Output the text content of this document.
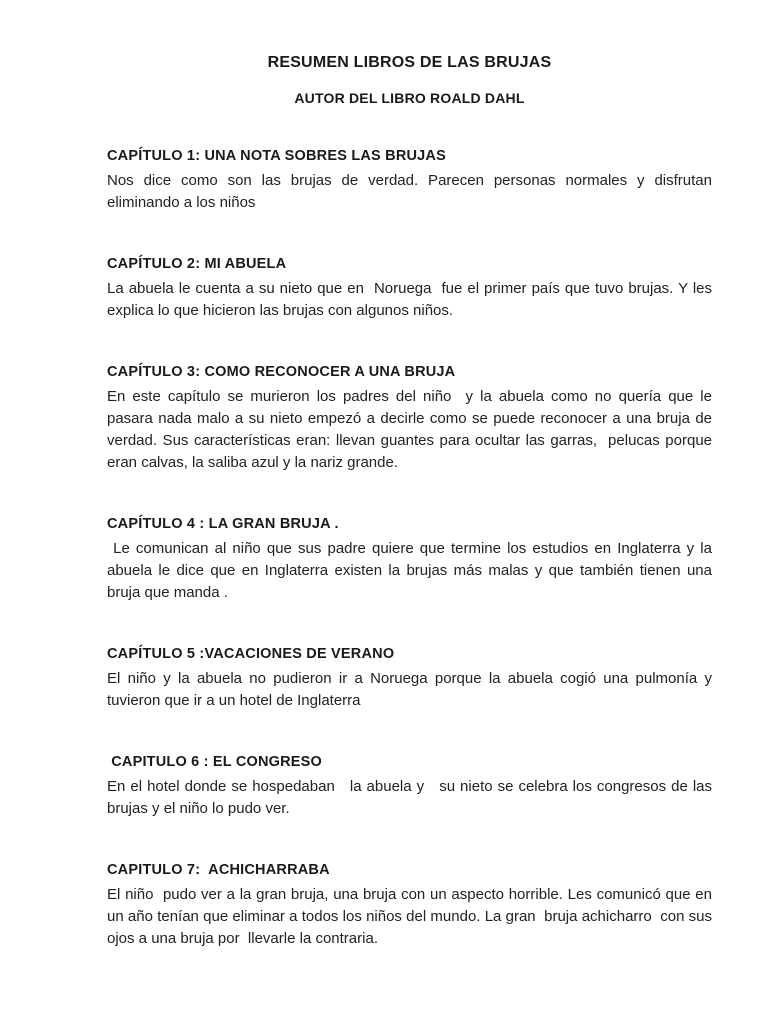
RESUMEN LIBROS DE LAS BRUJAS
AUTOR DEL LIBRO ROALD DAHL
CAPÍTULO 1: UNA NOTA SOBRES LAS BRUJAS

Nos dice como son las brujas de verdad. Parecen personas normales y disfrutan eliminando a los niños

CAPÍTULO 2: MI ABUELA

La abuela le cuenta a su nieto que en  Noruega  fue el primer país que tuvo brujas. Y les explica lo que hicieron las brujas con algunos niños.

CAPÍTULO 3: COMO RECONOCER A UNA BRUJA

En este capítulo se murieron los padres del niño  y la abuela como no quería que le pasara nada malo a su nieto empezó a decirle como se puede reconocer a una bruja de verdad. Sus características eran: llevan guantes para ocultar las garras,  pelucas porque eran calvas, la saliba azul y la nariz grande.

CAPÍTULO 4 : LA GRAN BRUJA .

Le comunican al niño que sus padre quiere que termine los estudios en Inglaterra y la abuela le dice que en Inglaterra existen la brujas más malas y que también tienen una bruja que manda .

CAPÍTULO 5 :VACACIONES DE VERANO

El niño y la abuela no pudieron ir a Noruega porque la abuela cogió una pulmonía y tuvieron que ir a un hotel de Inglaterra

CAPITULO 6 : EL CONGRESO

En el hotel donde se hospedaban   la abuela y   su nieto se celebra los congresos de las brujas y el niño lo pudo ver.

CAPITULO 7:  ACHICHARRABA

El niño  pudo ver a la gran bruja, una bruja con un aspecto horrible. Les comunicó que en un año tenían que eliminar a todos los niños del mundo. La gran  bruja achicharro  con sus ojos a una bruja por  llevarle la contraria.
